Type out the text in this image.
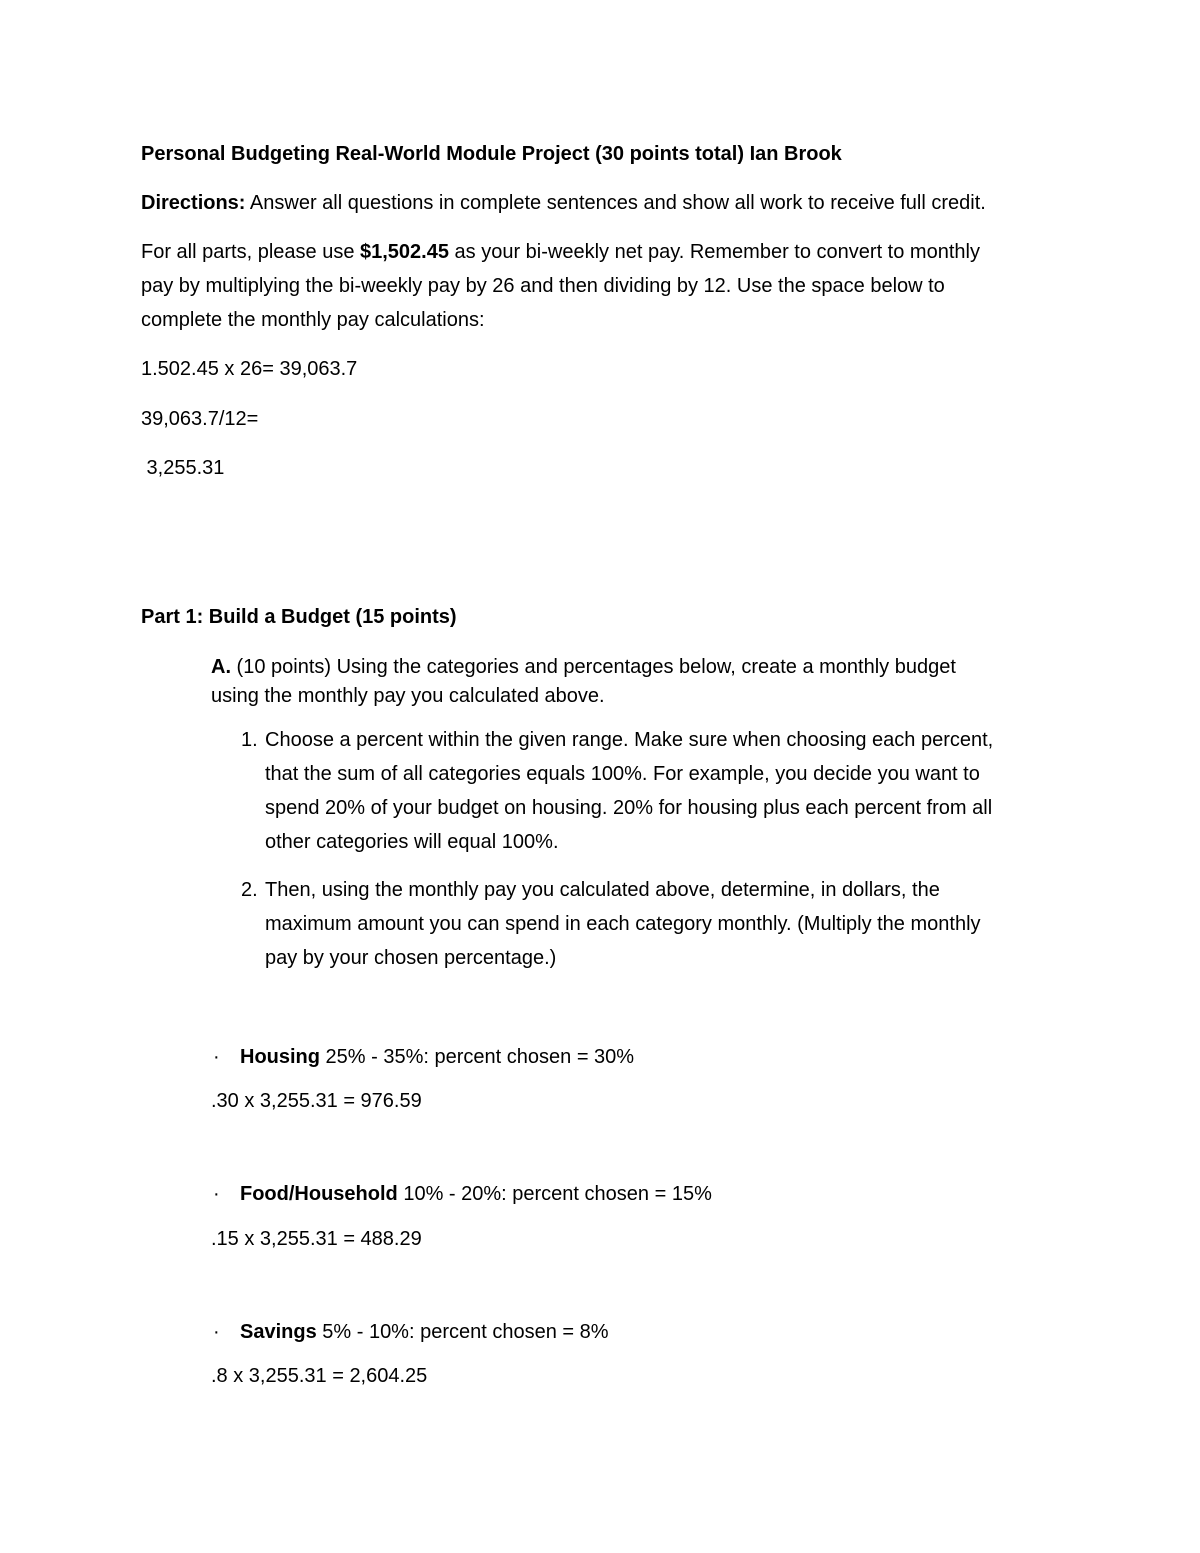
Personal Budgeting Real-World Module Project (30 points total) Ian Brook
Directions: Answer all questions in complete sentences and show all work to receive full credit.
For all parts, please use $1,502.45 as your bi-weekly net pay. Remember to convert to monthly
pay by multiplying the bi-weekly pay by 26 and then dividing by 12. Use the space below to
complete the monthly pay calculations:
1.502.45 x 26= 39,063.7
39,063.7/12=
3,255.31
Part 1: Build a Budget (15 points)
A. (10 points) Using the categories and percentages below, create a monthly budget
using the monthly pay you calculated above.
1. Choose a percent within the given range. Make sure when choosing each percent,
that the sum of all categories equals 100%. For example, you decide you want to
spend 20% of your budget on housing. 20% for housing plus each percent from all
other categories will equal 100%.
2. Then, using the monthly pay you calculated above, determine, in dollars, the
maximum amount you can spend in each category monthly. (Multiply the monthly
pay by your chosen percentage.)
· Housing 25% - 35%: percent chosen = 30%
.30 x 3,255.31 = 976.59
· Food/Household 10% - 20%: percent chosen = 15%
.15 x 3,255.31 = 488.29
· Savings 5% - 10%: percent chosen = 8%
.8 x 3,255.31 = 2,604.25
